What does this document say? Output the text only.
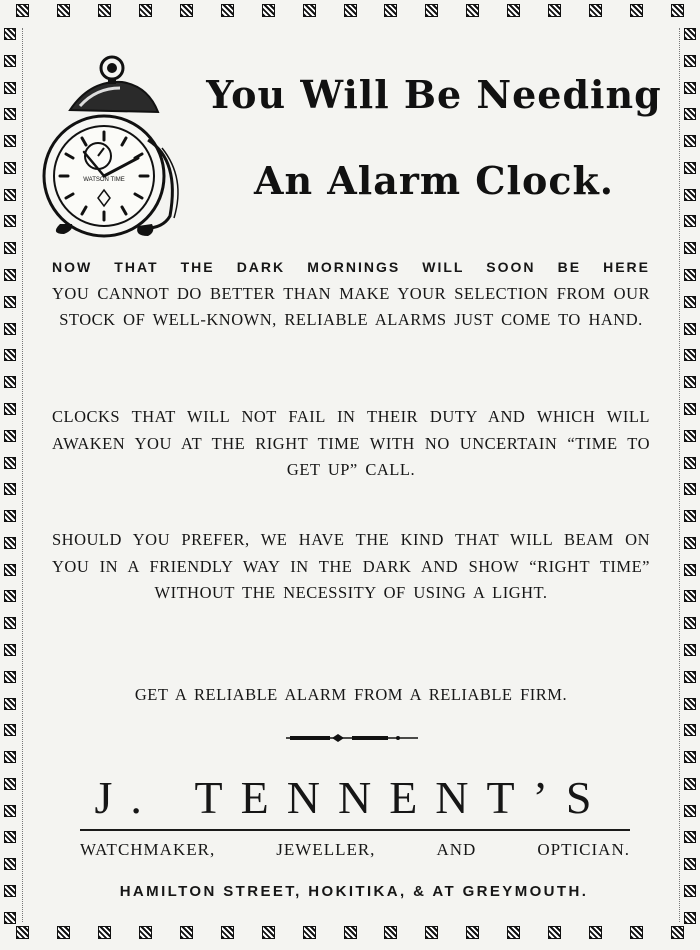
WATSON TIME
You Will Be Needing
An Alarm Clock.

NOW THAT THE DARK MORNINGS WILL SOON BE HERE
YOU CANNOT DO BETTER THAN MAKE YOUR SELECTION FROM OUR STOCK OF WELL-KNOWN, RELIABLE ALARMS JUST COME TO HAND.

CLOCKS THAT WILL NOT FAIL IN THEIR DUTY AND WHICH WILL AWAKEN YOU AT THE RIGHT TIME WITH NO UNCERTAIN “TIME TO GET UP” CALL.

SHOULD YOU PREFER, WE HAVE THE KIND THAT WILL BEAM ON YOU IN A FRIENDLY WAY IN THE DARK AND SHOW “RIGHT TIME” WITHOUT THE NECESSITY OF USING A LIGHT.

GET A RELIABLE ALARM FROM A RELIABLE FIRM.

J. TENNENT’S
WATCHMAKER,	JEWELLER,	AND	OPTICIAN.
HAMILTON STREET, HOKITIKA, & AT GREYMOUTH.
